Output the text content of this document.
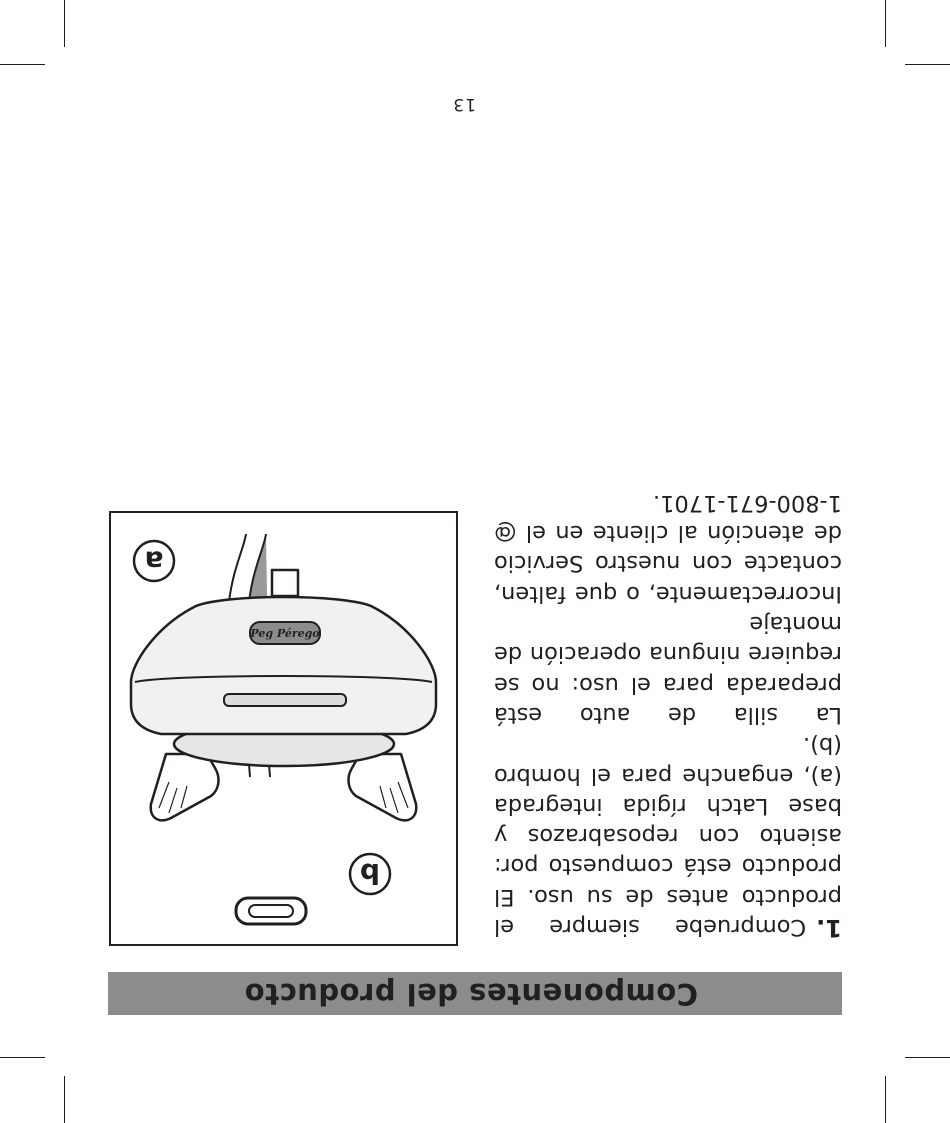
Componentes del producto
Peg Pérego
a
b

1.Compruebe siempre el producto antes de su uso. El producto está compuesto por: asiento con reposabrazos y base Latch rígida integrada (a), enganche para el hombro (b).

La silla de auto está preparada para el uso: no se requiere ninguna operación de montaje

Incorrectamente, o que falten, contacte con nuestro Servicio de atención al cliente en el @ 1-800-671-1701.

13
